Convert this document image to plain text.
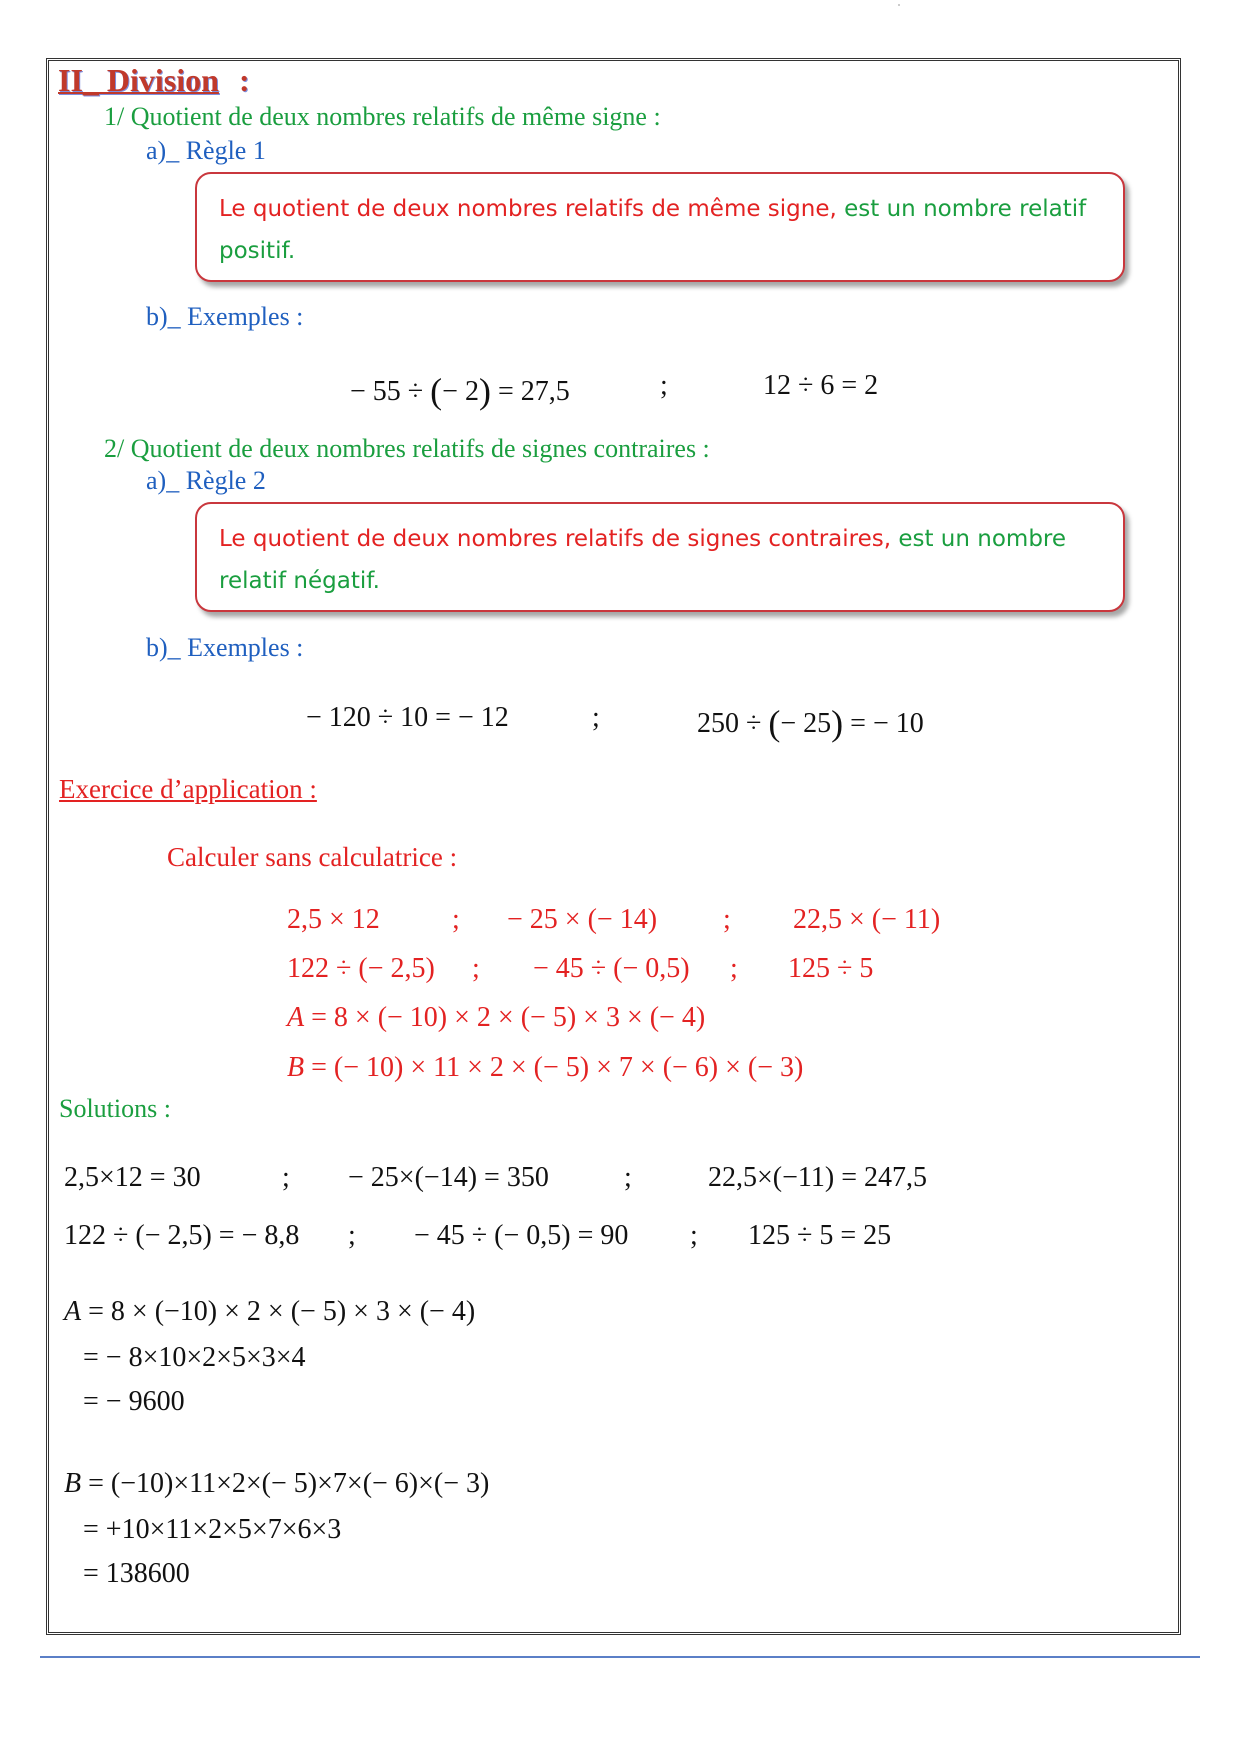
II_ Division :
1/ Quotient de deux nombres relatifs de même signe :
a)_ Règle 1
Le quotient de deux nombres relatifs de même signe, est un nombre relatif
positif.
b)_ Exemples :
− 55 ÷ (− 2) = 27,5	;	12 ÷ 6 = 2
2/ Quotient de deux nombres relatifs de signes contraires :
a)_ Règle 2
Le quotient de deux nombres relatifs de signes contraires, est un nombre
relatif négatif.
b)_ Exemples :
− 120 ÷ 10 = − 12	;	250 ÷ (− 25) = − 10
Exercice d’application :
Calculer sans calculatrice :
2,5 × 12	; − 25 × (− 14) ; 22,5 × (− 11)
122 ÷ (− 2,5) ; − 45 ÷ (− 0,5) ; 125 ÷ 5
A = 8 × (− 10) × 2 × (− 5) × 3 × (− 4)
B = (− 10) × 11 × 2 × (− 5) × 7 × (− 6) × (− 3)
Solutions :
2,5×12 = 30	; − 25×(−14) = 350	;	22,5×(−11) = 247,5
122 ÷ (− 2,5) = − 8,8 ; − 45 ÷ (− 0,5) = 90 ; 125 ÷ 5 = 25
A = 8 × (−10) × 2 × (− 5) × 3 × (− 4)
= − 8×10×2×5×3×4
= − 9600
B = (−10)×11×2×(− 5)×7×(− 6)×(− 3)
= +10×11×2×5×7×6×3
= 138600
